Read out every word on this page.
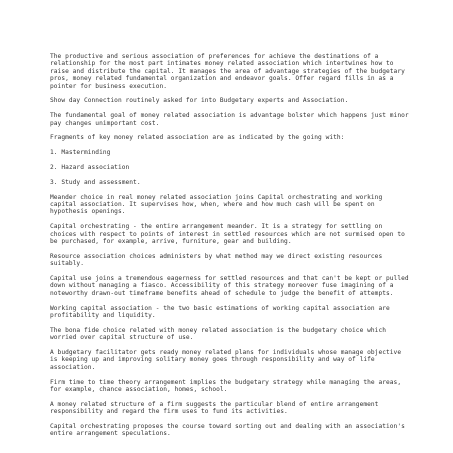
The productive and serious association of preferences for achieve the destinations of a relationship for the most part intimates money related association which intertwines how to raise and distribute the capital. It manages the area of advantage strategies of the budgetary pros, money related fundamental organization and endeavor goals. Offer regard fills in as a pointer for business execution.

Show day Connection routinely asked for into Budgetary experts and Association.

The fundamental goal of money related association is advantage bolster which happens just minor pay changes unimportant cost.

Fragments of key money related association are as indicated by the going with:

1. Masterminding

2. Hazard association

3. Study and assessment.

Meander choice in real money related association joins Capital orchestrating and working capital association. It supervises how, when, where and how much cash will be spent on hypothesis openings.

Capital orchestrating - the entire arrangement meander. It is a strategy for settling on choices with respect to points of interest in settled resources which are not surmised open to be purchased, for example, arrive, furniture, gear and building.

Resource association choices administers by what method may we direct existing resources suitably.

Capital use joins a tremendous eagerness for settled resources and that can't be kept or pulled down without managing a fiasco. Accessibility of this strategy moreover fuse imagining of a noteworthy drawn-out timeframe benefits ahead of schedule to judge the benefit of attempts.

Working capital association - the two basic estimations of working capital association are profitability and liquidity.

The bona fide choice related with money related association is the budgetary choice which worried over capital structure of use.

A budgetary facilitator gets ready money related plans for individuals whose manage objective is keeping up and improving solitary money goes through responsibility and way of life association.

Firm time to time theory arrangement implies the budgetary strategy while managing the areas, for example, chance association, homes, school.

A money related structure of a firm suggests the particular blend of entire arrangement responsibility and regard the firm uses to fund its activities.

Capital orchestrating proposes the course toward sorting out and dealing with an association's entire arrangement speculations.
